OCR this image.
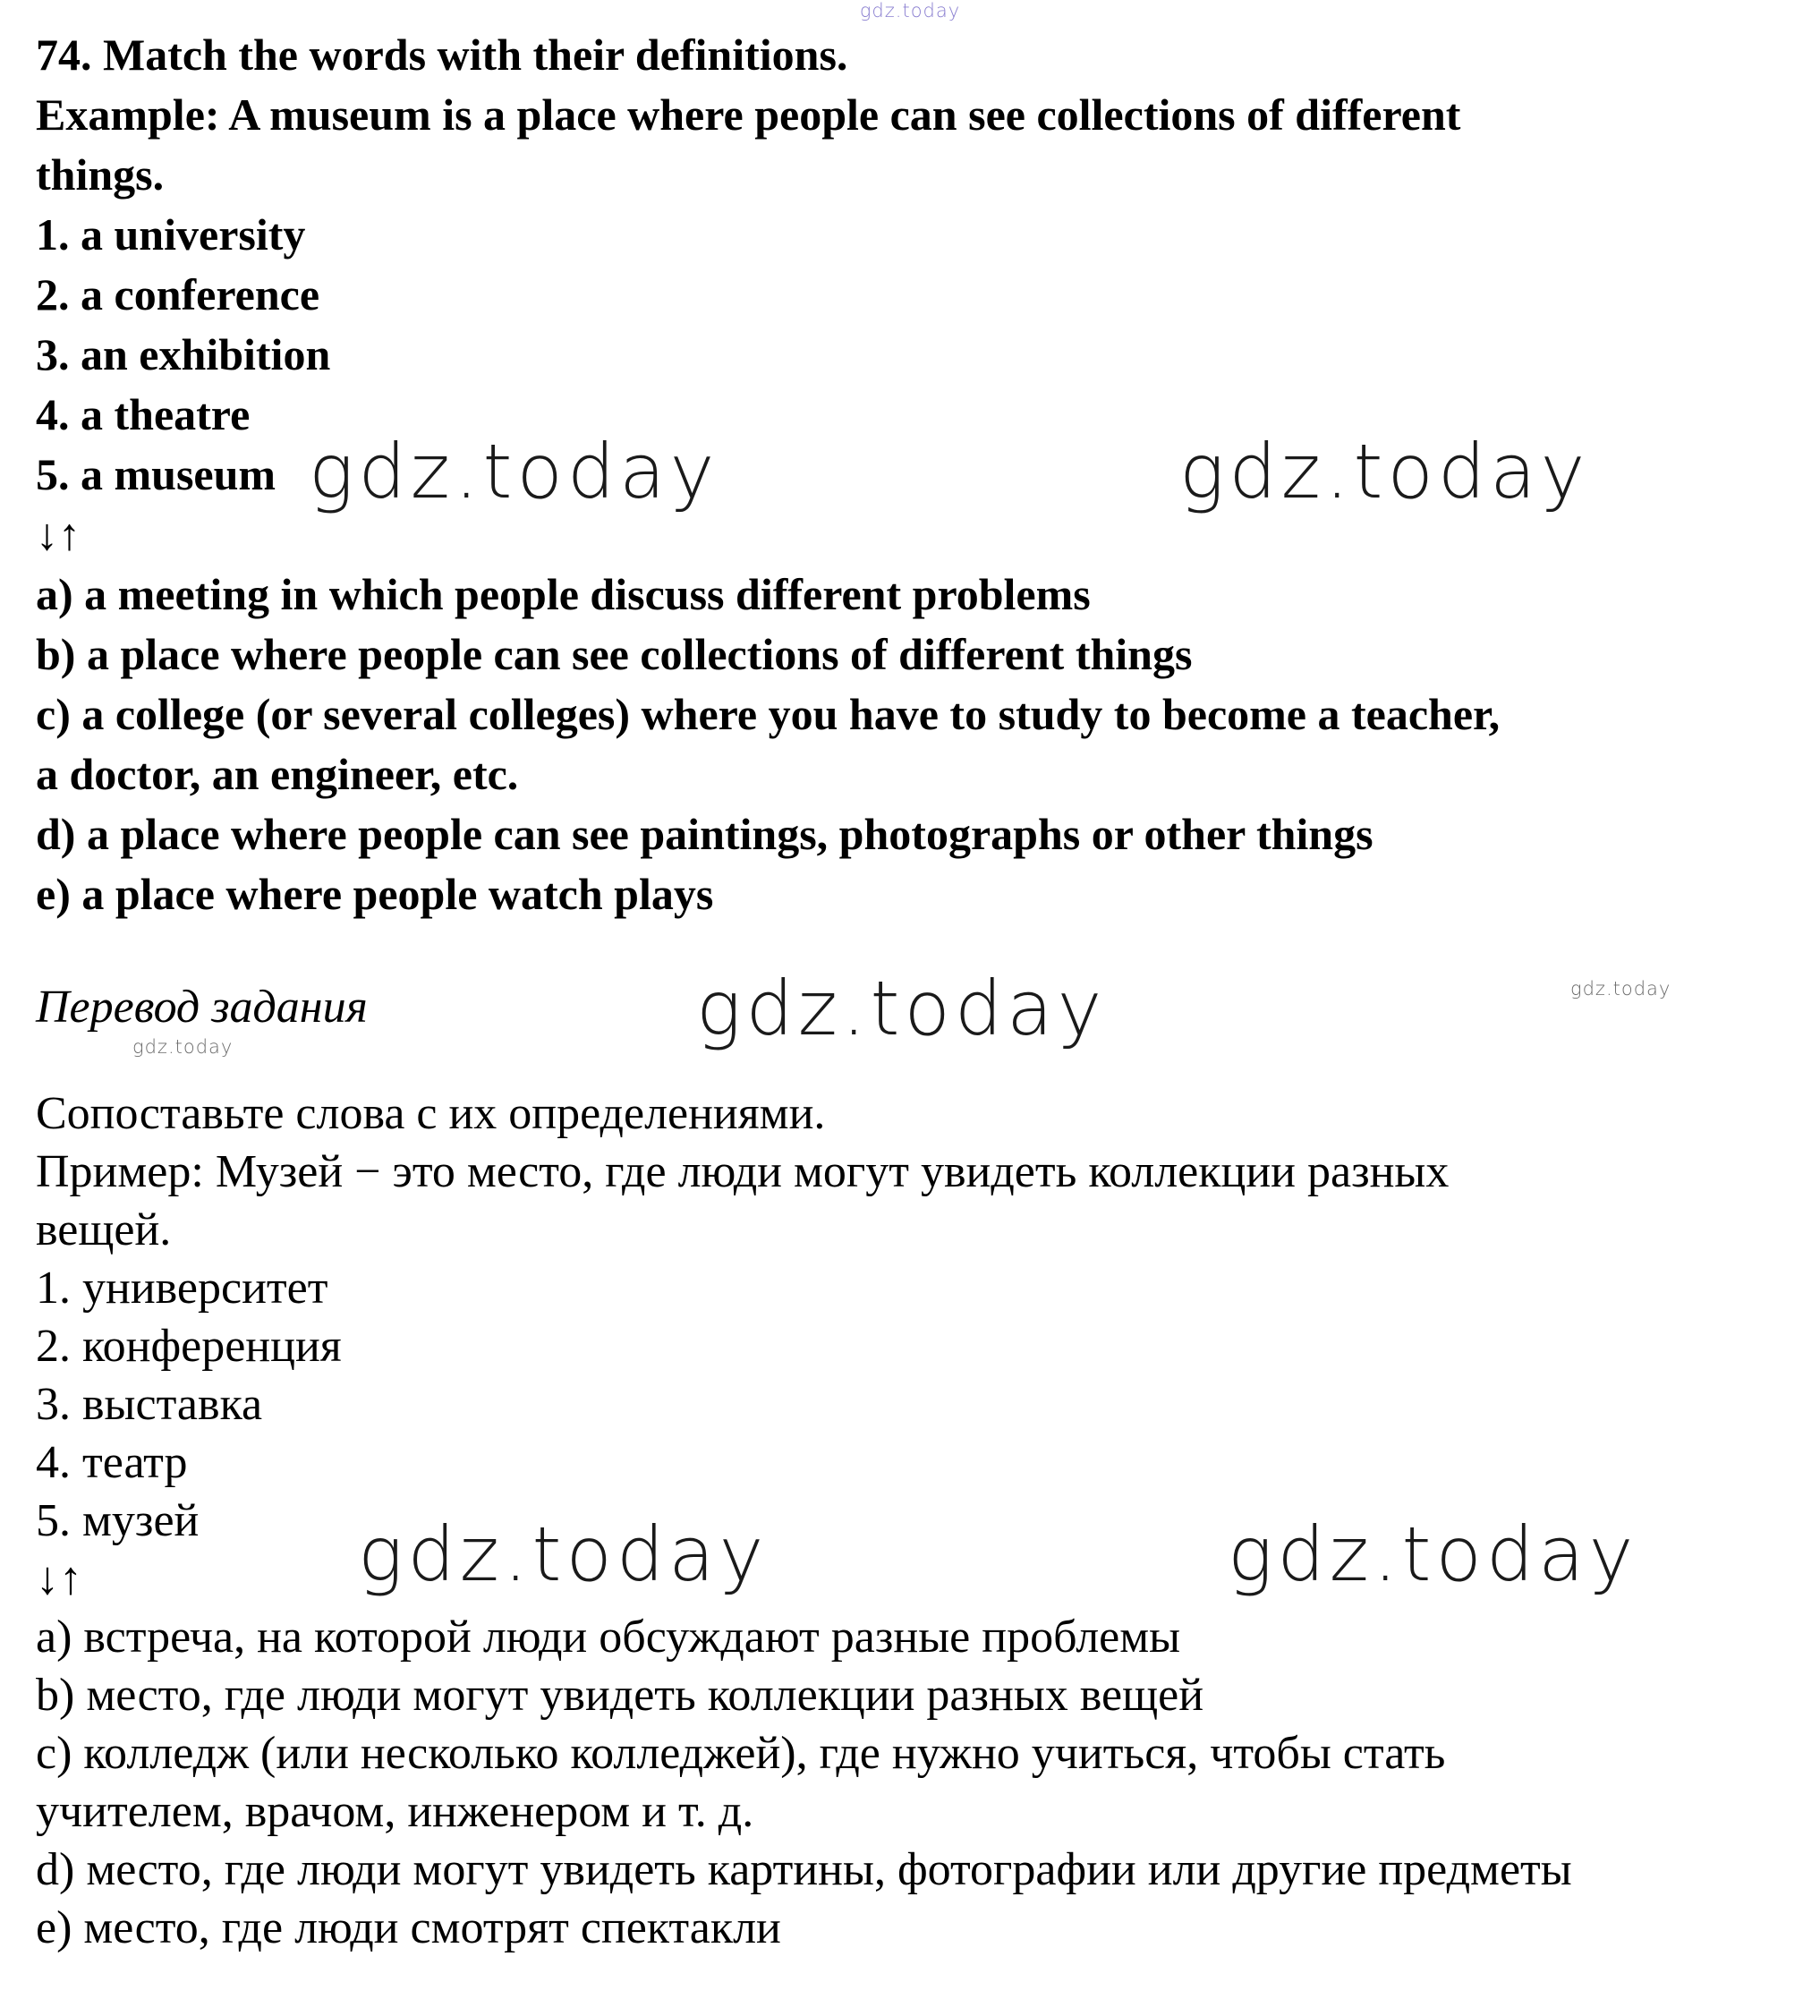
gdz.today
gdz.today	gdz.today
gdz.today	gdz.today
gdz.today
gdz.today	gdz.today
74. Match the words with their definitions.
Example: A museum is a place where people can see collections of different
things.
1. a university
2. a conference
3. an exhibition
4. a theatre
5. a museum
↓↑
a) a meeting in which people discuss different problems
b) a place where people can see collections of different things
c) a college (or several colleges) where you have to study to become a teacher,
a doctor, an engineer, etc.
d) a place where people can see paintings, photographs or other things
e) a place where people watch plays
Перевод задания
Сопоставьте слова с их определениями.
Пример: Музей − это место, где люди могут увидеть коллекции разных
вещей.
1. университет
2. конференция
3. выставка
4. театр
5. музей
↓↑
a) встреча, на которой люди обсуждают разные проблемы
b) место, где люди могут увидеть коллекции разных вещей
c) колледж (или несколько колледжей), где нужно учиться, чтобы стать
учителем, врачом, инженером и т. д.
d) место, где люди могут увидеть картины, фотографии или другие предметы
e) место, где люди смотрят спектакли
